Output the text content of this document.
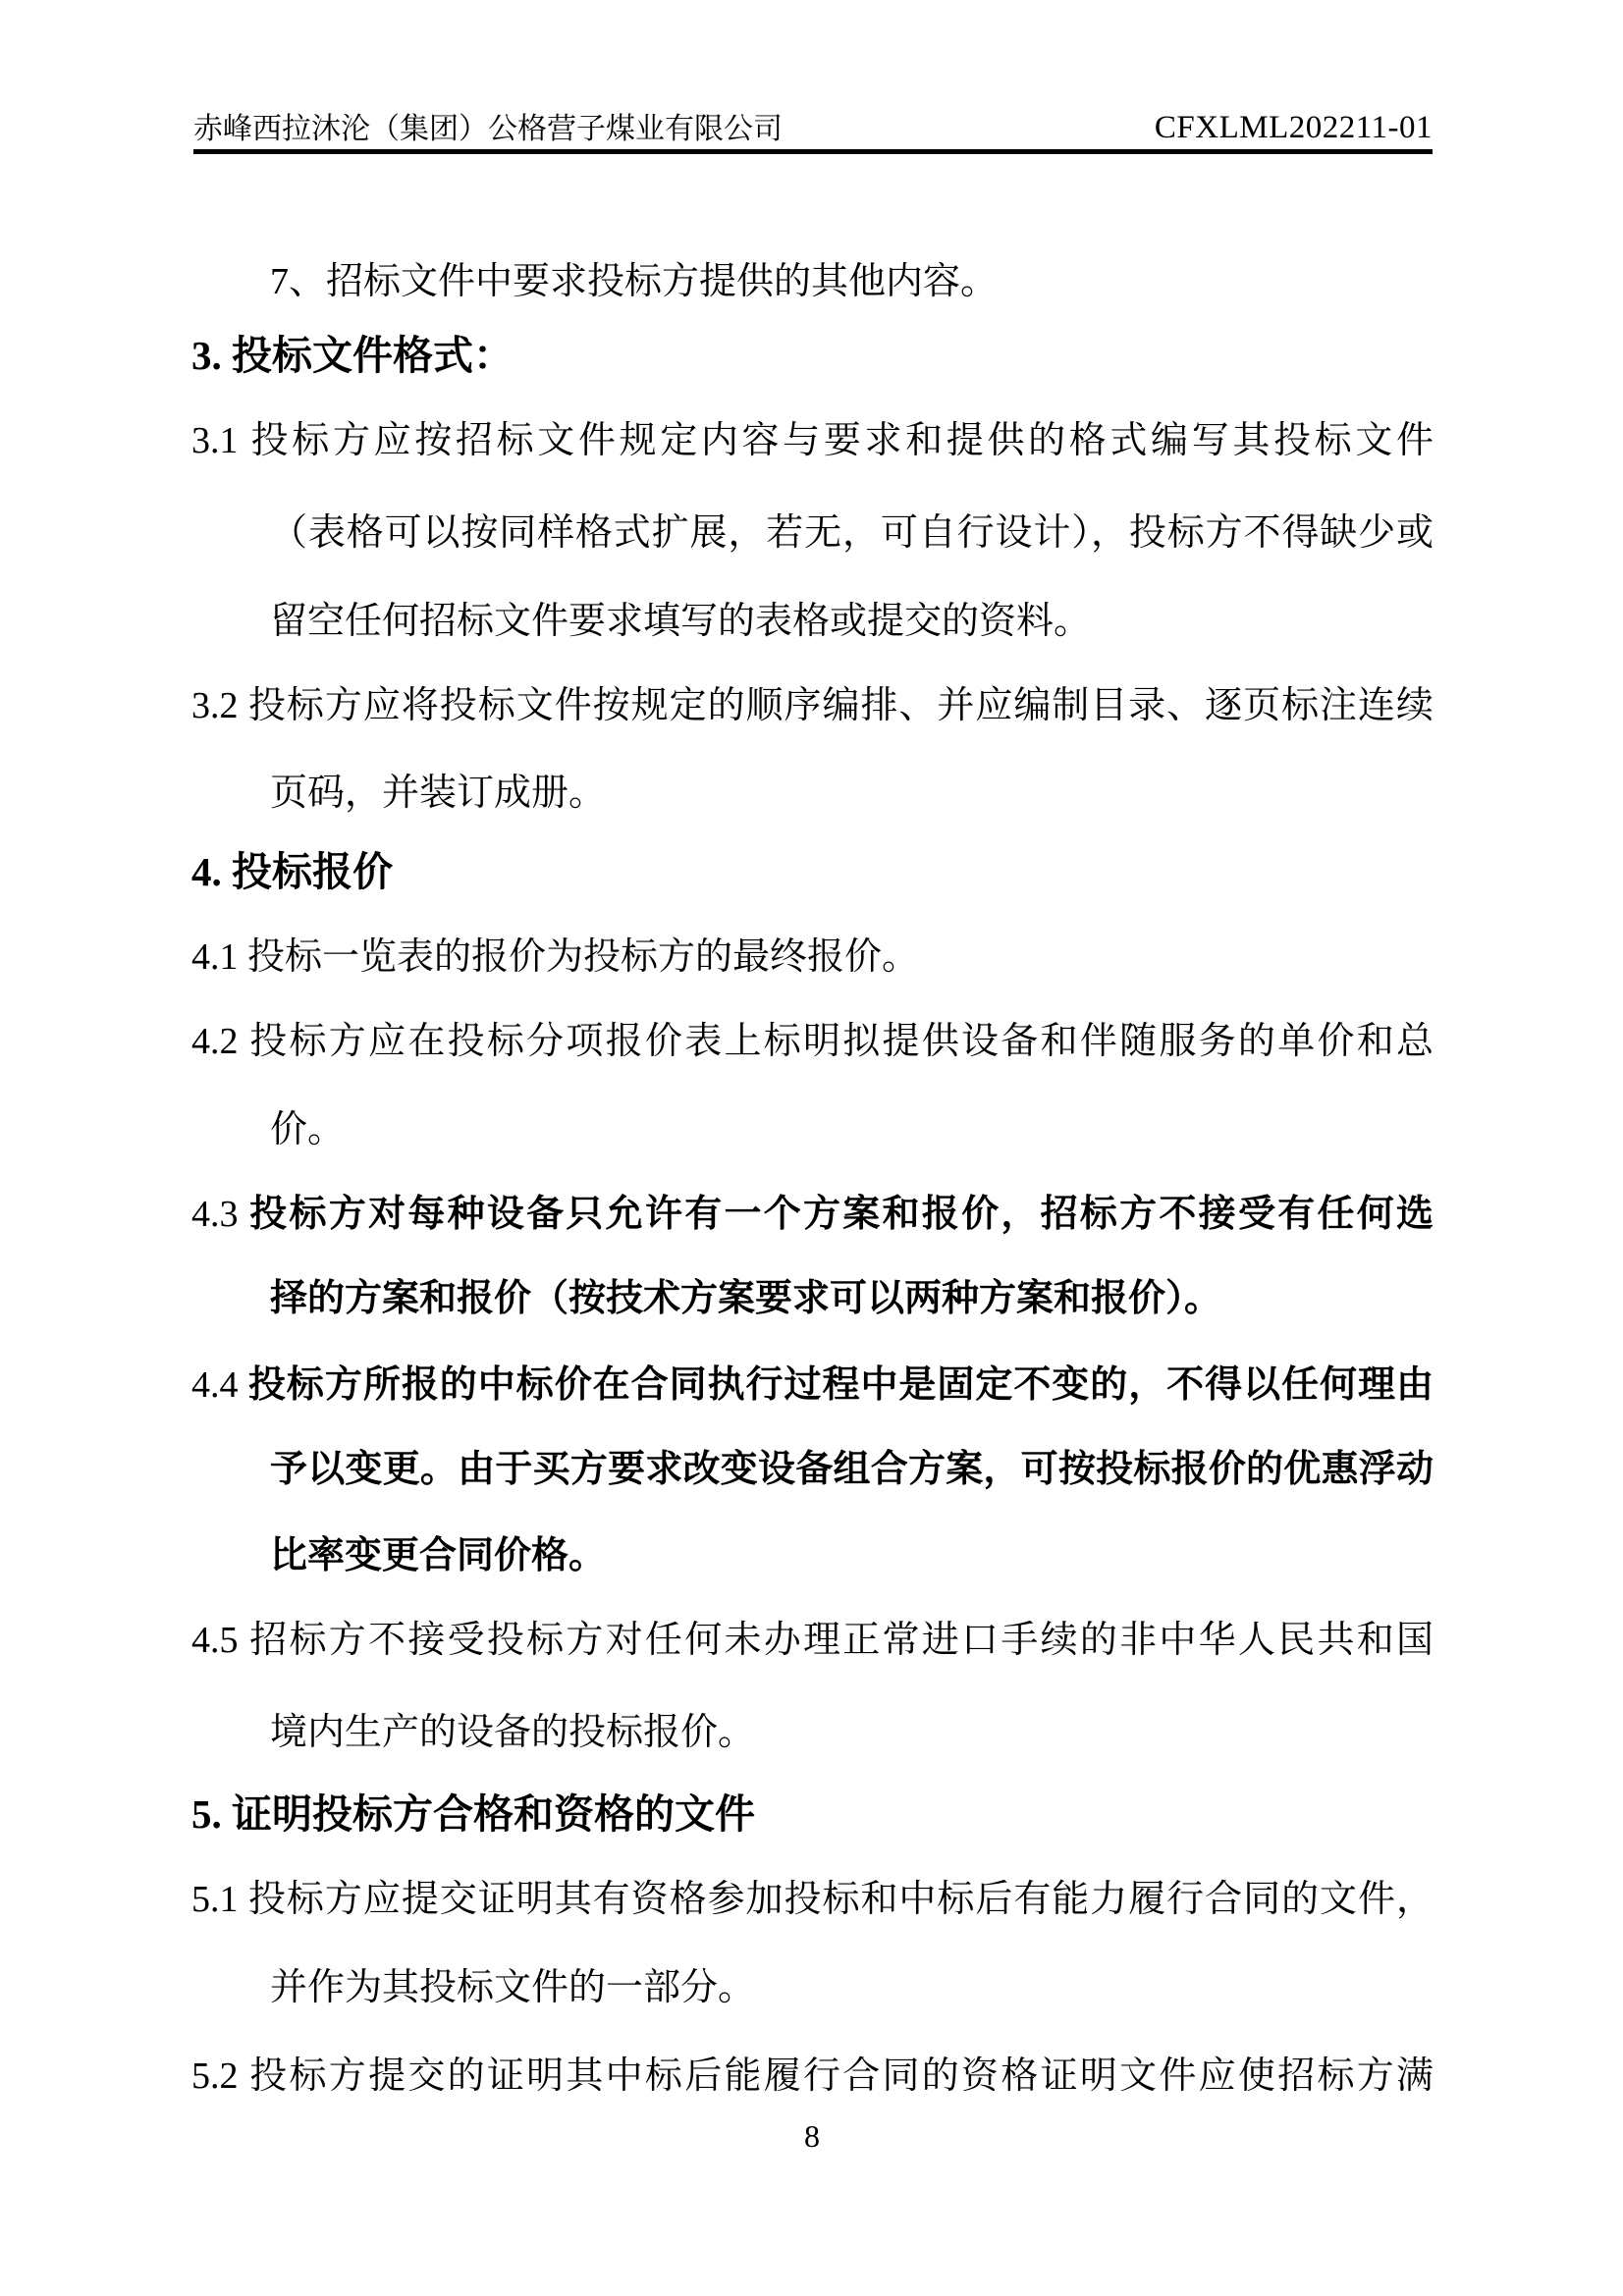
赤峰西拉沐沦（集团）公格营子煤业有限公司	CFXLML202211-01
7、招标文件中要求投标方提供的其他内容。
3. 投标文件格式：
3.1 投标方应按招标文件规定内容与要求和提供的格式编写其投标文件
（表格可以按同样格式扩展，若无，可自行设计），投标方不得缺少或
留空任何招标文件要求填写的表格或提交的资料。
3.2 投标方应将投标文件按规定的顺序编排、并应编制目录、逐页标注连续
页码，并装订成册。
4. 投标报价
4.1 投标一览表的报价为投标方的最终报价。
4.2 投标方应在投标分项报价表上标明拟提供设备和伴随服务的单价和总
价。
4.3 投标方对每种设备只允许有一个方案和报价，招标方不接受有任何选
择的方案和报价（按技术方案要求可以两种方案和报价）。
4.4 投标方所报的中标价在合同执行过程中是固定不变的，不得以任何理由
予以变更。由于买方要求改变设备组合方案，可按投标报价的优惠浮动
比率变更合同价格。
4.5 招标方不接受投标方对任何未办理正常进口手续的非中华人民共和国
境内生产的设备的投标报价。
5. 证明投标方合格和资格的文件
5.1 投标方应提交证明其有资格参加投标和中标后有能力履行合同的文件，
并作为其投标文件的一部分。
5.2 投标方提交的证明其中标后能履行合同的资格证明文件应使招标方满
8
